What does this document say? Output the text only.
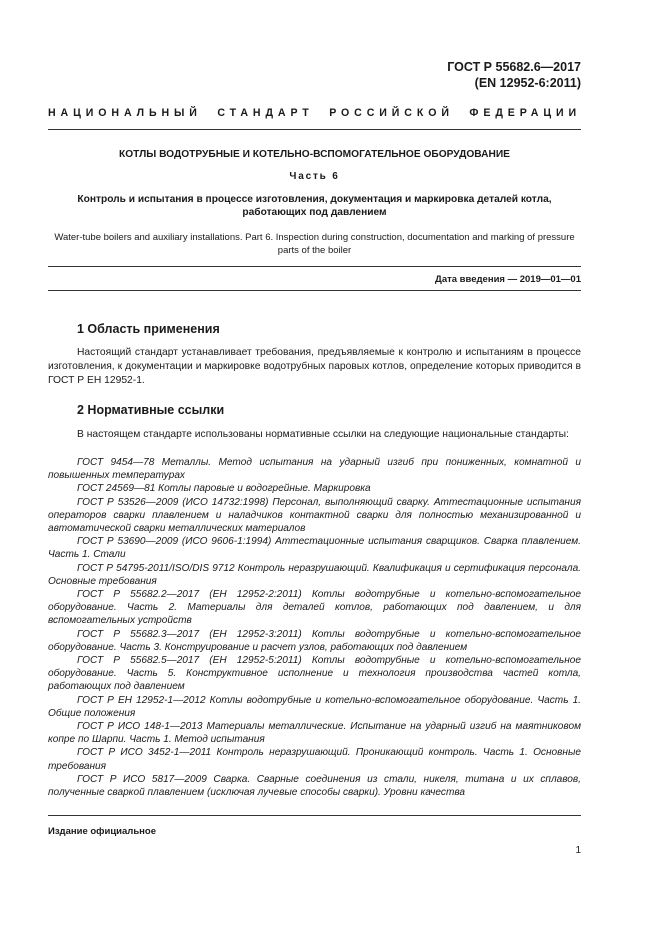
ГОСТ Р 55682.6—2017
(EN 12952-6:2011)
НАЦИОНАЛЬНЫЙ СТАНДАРТ РОССИЙСКОЙ ФЕДЕРАЦИИ
КОТЛЫ ВОДОТРУБНЫЕ И КОТЕЛЬНО-ВСПОМОГАТЕЛЬНОЕ ОБОРУДОВАНИЕ
Часть 6
Контроль и испытания в процессе изготовления, документация и маркировка деталей котла, работающих под давлением
Water-tube boilers and auxiliary installations. Part 6. Inspection during construction, documentation and marking of pressure parts of the boiler
Дата введения — 2019—01—01
1 Область применения

Настоящий стандарт устанавливает требования, предъявляемые к контролю и испытаниям в процессе изготовления, к документации и маркировке водотрубных паровых котлов, определение которых приводится в ГОСТ Р ЕН 12952-1.

2 Нормативные ссылки

В настоящем стандарте использованы нормативные ссылки на следующие национальные стандарты:

ГОСТ 9454—78 Металлы. Метод испытания на ударный изгиб при пониженных, комнатной и повышенных температурах
ГОСТ 24569—81 Котлы паровые и водогрейные. Маркировка
ГОСТ Р 53526—2009 (ИСО 14732:1998) Персонал, выполняющий сварку. Аттестационные испытания операторов сварки плавлением и наладчиков контактной сварки для полностью механизированной и автоматической сварки металлических материалов
ГОСТ Р 53690—2009 (ИСО 9606-1:1994) Аттестационные испытания сварщиков. Сварка плавлением. Часть 1. Стали
ГОСТ Р 54795-2011/ISO/DIS 9712 Контроль неразрушающий. Квалификация и сертификация персонала. Основные требования
ГОСТ Р 55682.2—2017 (ЕН 12952-2:2011) Котлы водотрубные и котельно-вспомогательное оборудование. Часть 2. Материалы для деталей котлов, работающих под давлением, и для вспомогательных устройств
ГОСТ Р 55682.3—2017 (ЕН 12952-3:2011) Котлы водотрубные и котельно-вспомогательное оборудование. Часть 3. Конструирование и расчет узлов, работающих под давлением
ГОСТ Р 55682.5—2017 (ЕН 12952-5:2011) Котлы водотрубные и котельно-вспомогательное оборудование. Часть 5. Конструктивное исполнение и технология производства частей котла, работающих под давлением
ГОСТ Р ЕН 12952-1—2012 Котлы водотрубные и котельно-вспомогательное оборудование. Часть 1. Общие положения
ГОСТ Р ИСО 148-1—2013 Материалы металлические. Испытание на ударный изгиб на маятниковом копре по Шарпи. Часть 1. Метод испытания
ГОСТ Р ИСО 3452-1—2011 Контроль неразрушающий. Проникающий контроль. Часть 1. Основные требования
ГОСТ Р ИСО 5817—2009 Сварка. Сварные соединения из стали, никеля, титана и их сплавов, полученные сваркой плавлением (исключая лучевые способы сварки). Уровни качества
Издание официальное
1
